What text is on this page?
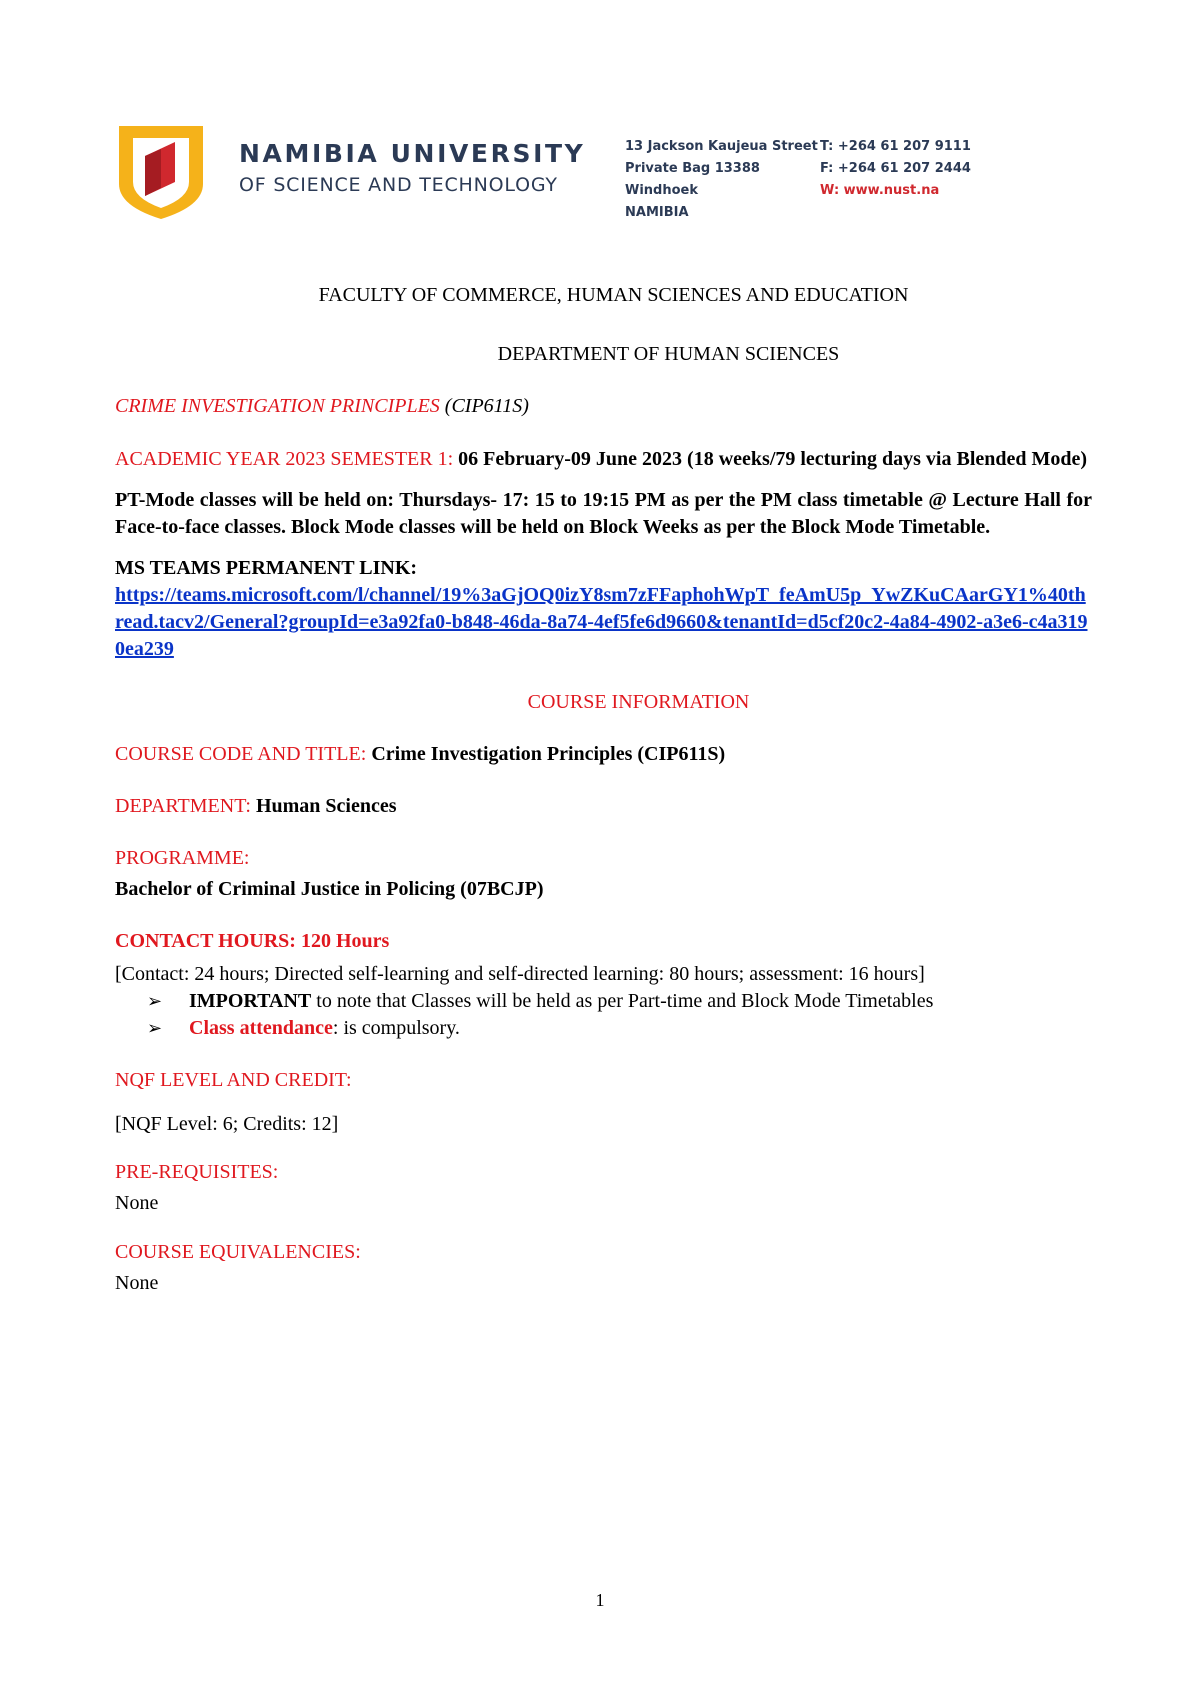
NAMIBIA UNIVERSITY
OF SCIENCE AND TECHNOLOGY
13 Jackson Kaujeua Street
Private Bag 13388
Windhoek
NAMIBIA
T: +264 61 207 9111
F: +264 61 207 2444
W: www.nust.na

FACULTY OF COMMERCE, HUMAN SCIENCES AND EDUCATION

DEPARTMENT OF HUMAN SCIENCES

CRIME INVESTIGATION PRINCIPLES (CIP611S)

ACADEMIC YEAR 2023 SEMESTER 1: 06 February-09 June 2023 (18 weeks/79 lecturing days via Blended Mode)

PT-Mode classes will be held on: Thursdays- 17: 15 to 19:15 PM as per the PM class timetable @ Lecture Hall for Face-to-face classes. Block Mode classes will be held on Block Weeks as per the Block Mode Timetable.

MS TEAMS PERMANENT LINK:

https://teams.microsoft.com/l/channel/19%3aGjOQ0izY8sm7zFFaphohWpT_feAmU5p_YwZKuCAarGY1%40thread.tacv2/General?groupId=e3a92fa0-b848-46da-8a74-4ef5fe6d9660&tenantId=d5cf20c2-4a84-4902-a3e6-c4a3190ea239

COURSE INFORMATION

COURSE CODE AND TITLE: Crime Investigation Principles (CIP611S)

DEPARTMENT: Human Sciences

PROGRAMME:

Bachelor of Criminal Justice in Policing (07BCJP)

CONTACT HOURS: 120 Hours

[Contact: 24 hours; Directed self-learning and self-directed learning: 80 hours; assessment: 16 hours]

➢ IMPORTANT to note that Classes will be held as per Part-time and Block Mode Timetables
➢ Class attendance: is compulsory.

NQF LEVEL AND CREDIT:

[NQF Level: 6; Credits: 12]

PRE-REQUISITES:

None

COURSE EQUIVALENCIES:

None

1
